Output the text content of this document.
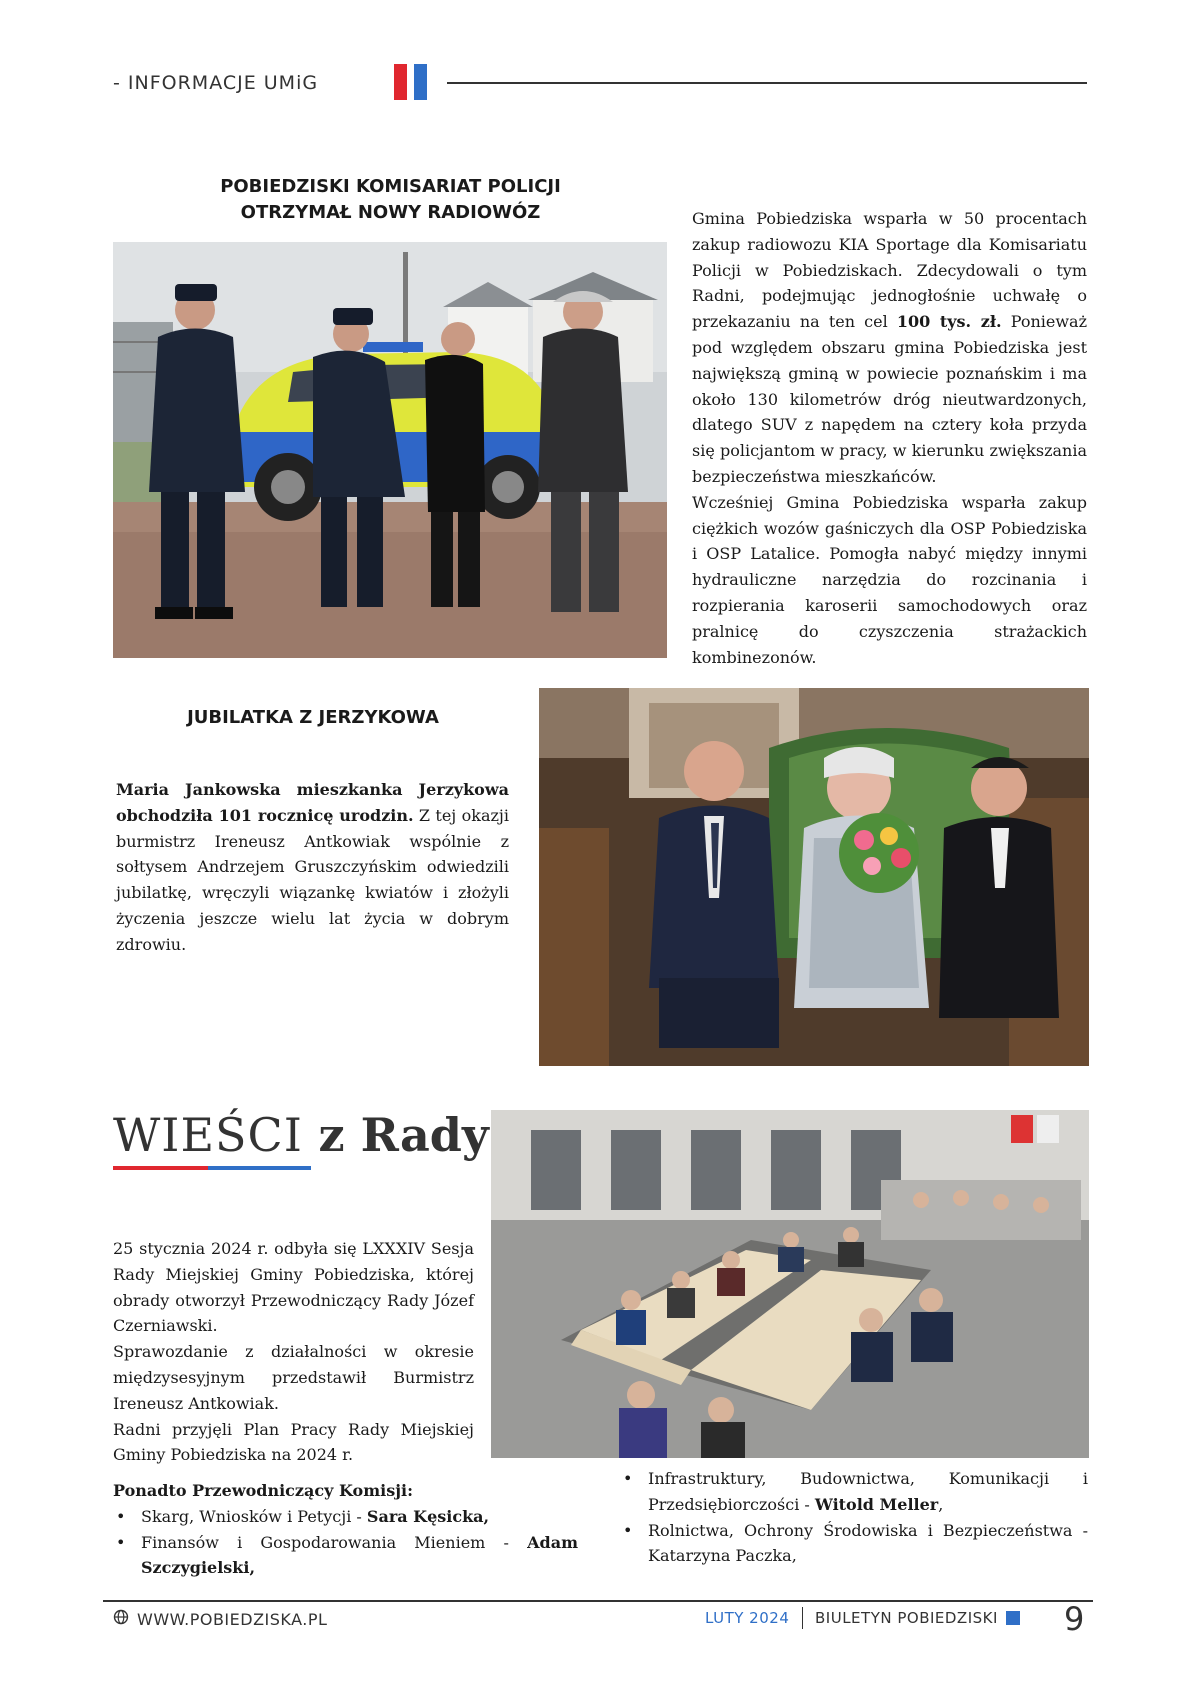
- INFORMACJE UMiG
POBIEDZISKI KOMISARIAT POLICJI
OTRZYMAŁ NOWY RADIOWÓZ	Gmina Pobiedziska wsparła w 50 procentach zakup radiowozu KIA Sportage dla Komisariatu Policji w Pobiedziskach. Zdecydowali o tym Radni, podejmując jednogłośnie uchwałę o przekazaniu na ten cel 100 tys. zł. Ponieważ pod względem obszaru gmina Pobiedziska jest największą gminą w powiecie poznańskim i ma około 130 kilometrów dróg nieutwardzonych, dlatego SUV z napędem na cztery koła przyda się policjantom w pracy, w kierunku zwiększania bezpieczeństwa mieszkańców.

Wcześniej Gmina Pobiedziska wsparła zakup ciężkich wozów gaśniczych dla OSP Pobiedziska i OSP Latalice. Pomogła nabyć między innymi hydrauliczne narzędzia do rozcinania i rozpierania karoserii samochodowych oraz pralnicę do czyszczenia strażackich kombinezonów.

JUBILATKA Z JERZYKOWA

Maria Jankowska mieszkanka Jerzykowa obchodziła 101 rocznicę urodzin. Z tej okazji burmistrz Ireneusz Antkowiak wspólnie z sołtysem Andrzejem Gruszczyńskim odwiedzili jubilatkę, wręczyli wiązankę kwiatów i złożyli życzenia jeszcze wielu lat życia w dobrym zdrowiu.

WIEŚCI z Rady

25 stycznia 2024 r. odbyła się LXXXIV Sesja Rady Miejskiej Gminy Pobiedziska, której obrady otworzył Przewodniczący Rady Józef Czerniawski.

Sprawozdanie z działalności w okresie międzysesyjnym przedstawił Burmistrz Ireneusz Antkowiak.

Radni przyjęli Plan Pracy Rady Miejskiej Gminy Pobiedziska na 2024 r.

Ponadto Przewodniczący Komisji:

• Skarg, Wniosków i Petycji - Sara Kęsicka,
• Finansów i Gospodarowania Mieniem - Adam Szczygielski,
• Infrastruktury, Budownictwa, Komunikacji i Przedsiębiorczości - Witold Meller,
• Rolnictwa, Ochrony Środowiska i Bezpieczeństwa - Katarzyna Paczka,
WWW.POBIEDZISKA.PL	LUTY 2024 BIULETYN POBIEDZISKI 9
